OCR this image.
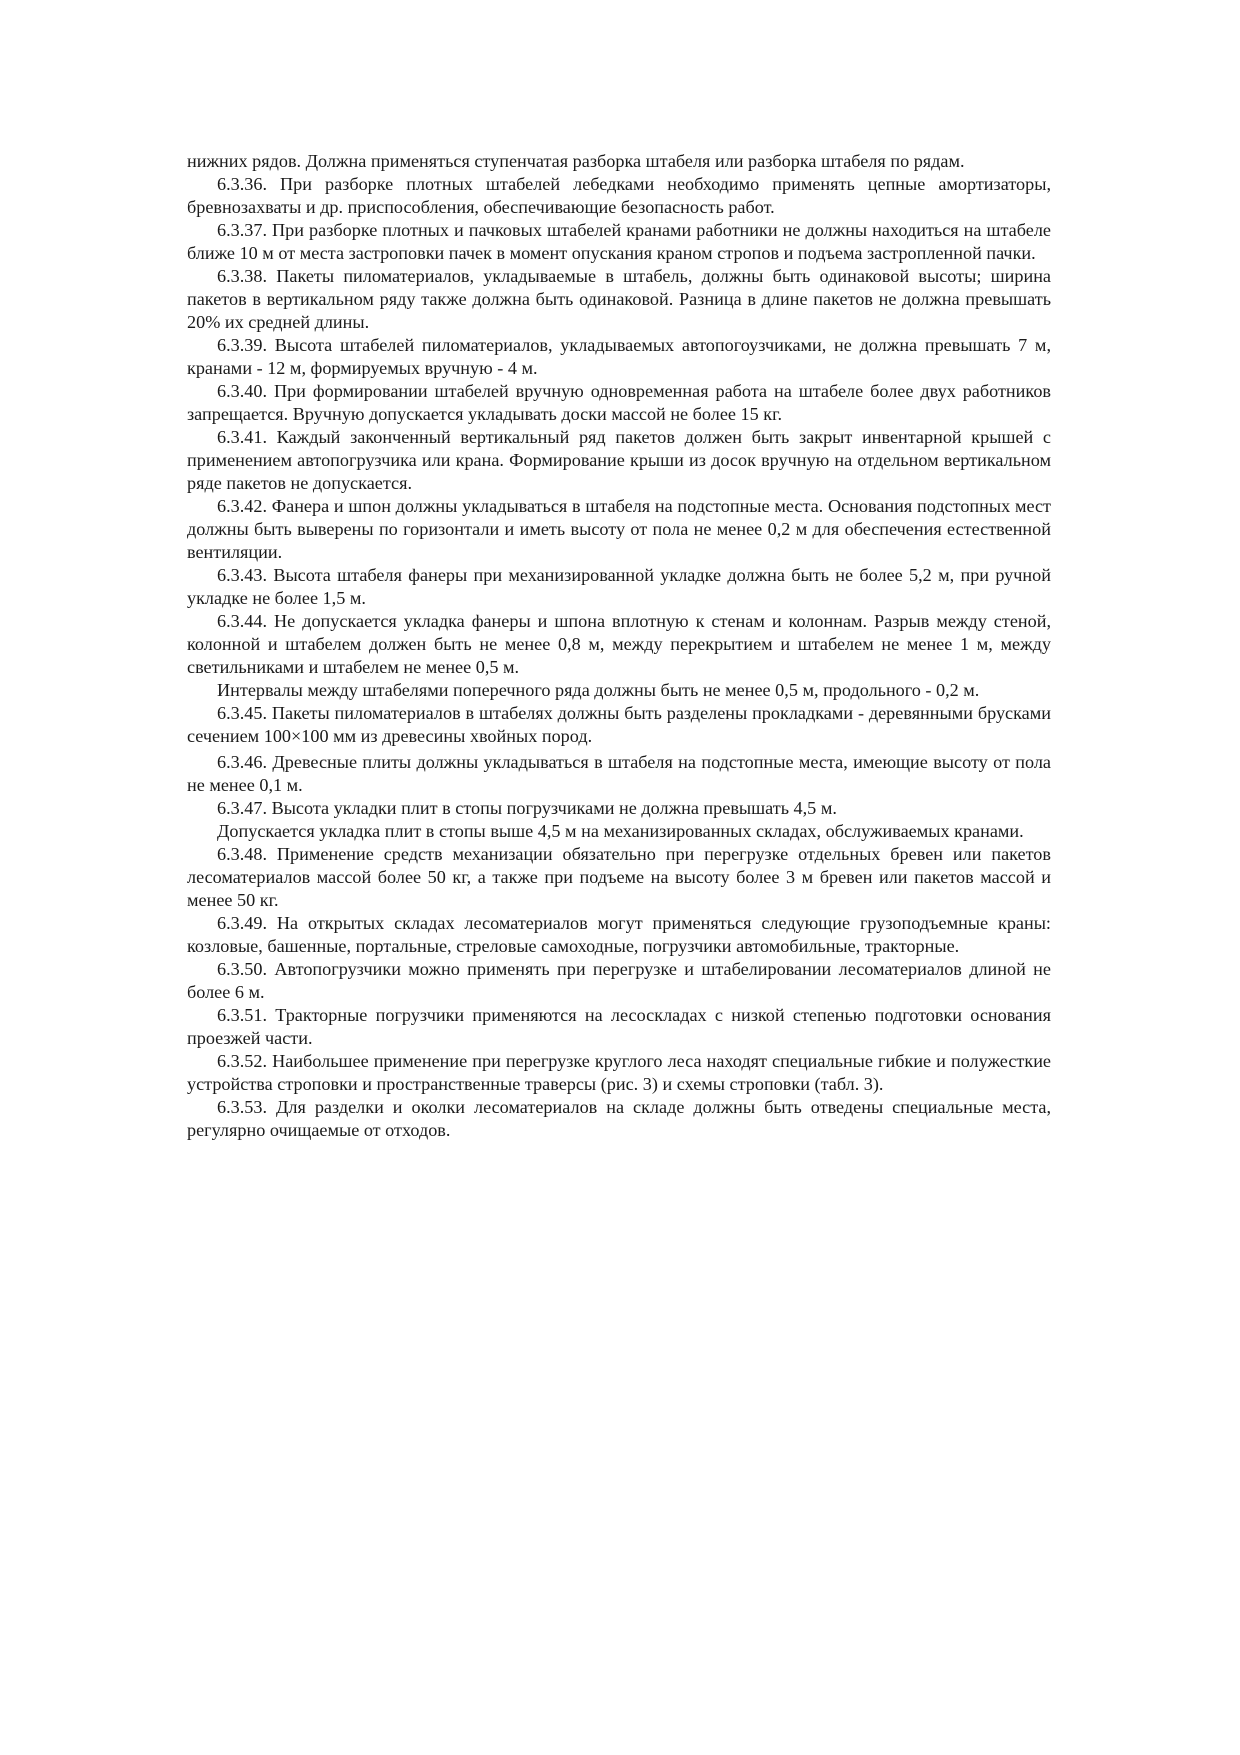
нижних рядов. Должна применяться ступенчатая разборка штабеля или разборка штабеля по рядам.

6.3.36. При разборке плотных штабелей лебедками необходимо применять цепные амортизаторы, бревнозахваты и др. приспособления, обеспечивающие безопасность работ.

6.3.37. При разборке плотных и пачковых штабелей кранами работники не должны находиться на штабеле ближе 10 м от места застроповки пачек в момент опускания краном стропов и подъема застропленной пачки.

6.3.38. Пакеты пиломатериалов, укладываемые в штабель, должны быть одинаковой высоты; ширина пакетов в вертикальном ряду также должна быть одинаковой. Разница в длине пакетов не должна превышать 20% их средней длины.

6.3.39. Высота штабелей пиломатериалов, укладываемых автопогоузчиками, не должна превышать 7 м, кранами - 12 м, формируемых вручную - 4 м.

6.3.40. При формировании штабелей вручную одновременная работа на штабеле более двух работников запрещается. Вручную допускается укладывать доски массой не более 15 кг.

6.3.41. Каждый законченный вертикальный ряд пакетов должен быть закрыт инвентарной крышей с применением автопогрузчика или крана. Формирование крыши из досок вручную на отдельном вертикальном ряде пакетов не допускается.

6.3.42. Фанера и шпон должны укладываться в штабеля на подстопные места. Основания подстопных мест должны быть выверены по горизонтали и иметь высоту от пола не менее 0,2 м для обеспечения естественной вентиляции.

6.3.43. Высота штабеля фанеры при механизированной укладке должна быть не более 5,2 м, при ручной укладке не более 1,5 м.

6.3.44. Не допускается укладка фанеры и шпона вплотную к стенам и колоннам. Разрыв между стеной, колонной и штабелем должен быть не менее 0,8 м, между перекрытием и штабелем не менее 1 м, между светильниками и штабелем не менее 0,5 м.

Интервалы между штабелями поперечного ряда должны быть не менее 0,5 м, продольного - 0,2 м.

6.3.45. Пакеты пиломатериалов в штабелях должны быть разделены прокладками - деревянными брусками сечением 100×100 мм из древесины хвойных пород.

6.3.46. Древесные плиты должны укладываться в штабеля на подстопные места, имеющие высоту от пола не менее 0,1 м.

6.3.47. Высота укладки плит в стопы погрузчиками не должна превышать 4,5 м.

Допускается укладка плит в стопы выше 4,5 м на механизированных складах, обслуживаемых кранами.

6.3.48. Применение средств механизации обязательно при перегрузке отдельных бревен или пакетов лесоматериалов массой более 50 кг, а также при подъеме на высоту более 3 м бревен или пакетов массой и менее 50 кг.

6.3.49. На открытых складах лесоматериалов могут применяться следующие грузоподъемные краны: козловые, башенные, портальные, стреловые самоходные, погрузчики автомобильные, тракторные.

6.3.50. Автопогрузчики можно применять при перегрузке и штабелировании лесоматериалов длиной не более 6 м.

6.3.51. Тракторные погрузчики применяются на лесоскладах с низкой степенью подготовки основания проезжей части.

6.3.52. Наибольшее применение при перегрузке круглого леса находят специальные гибкие и полужесткие устройства строповки и пространственные траверсы (рис. 3) и схемы строповки (табл. 3).

6.3.53. Для разделки и околки лесоматериалов на складе должны быть отведены специальные места, регулярно очищаемые от отходов.
